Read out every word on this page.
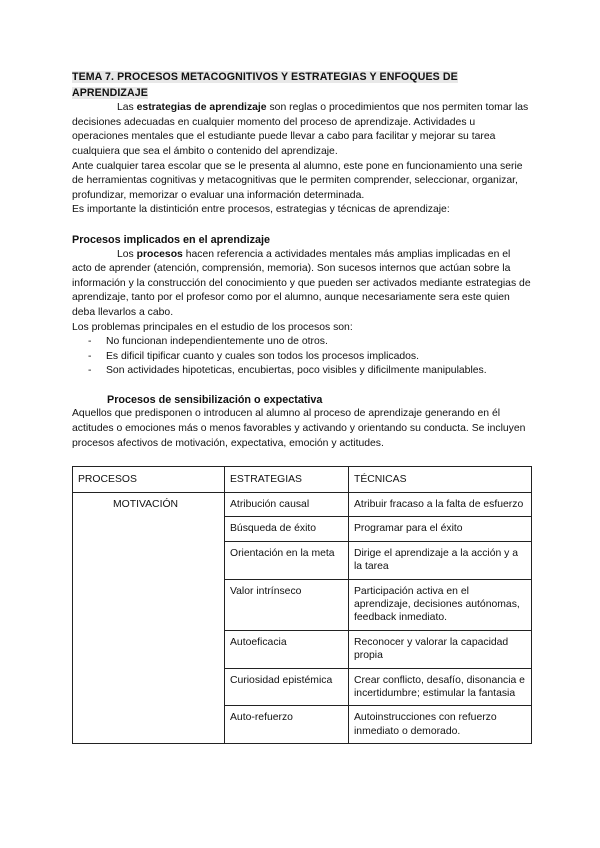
TEMA 7. PROCESOS METACOGNITIVOS Y ESTRATEGIAS Y ENFOQUES DE APRENDIZAJE

Las estrategias de aprendizaje son reglas o procedimientos que nos permiten tomar las decisiones adecuadas en cualquier momento del proceso de aprendizaje. Actividades u operaciones mentales que el estudiante puede llevar a cabo para facilitar y mejorar su tarea cualquiera que sea el ámbito o contenido del aprendizaje.

Ante cualquier tarea escolar que se le presenta al alumno, este pone en funcionamiento una serie de herramientas cognitivas y metacognitivas que le permiten comprender, seleccionar, organizar, profundizar, memorizar o evaluar una información determinada.

Es importante la distintición entre procesos, estrategias y técnicas de aprendizaje:

Procesos implicados en el aprendizaje

Los procesos hacen referencia a actividades mentales más amplias implicadas en el acto de aprender (atención, comprensión, memoria). Son sucesos internos que actúan sobre la información y la construcción del conocimiento y que pueden ser activados mediante estrategias de aprendizaje, tanto por el profesor como por el alumno, aunque necesariamente sera este quien deba llevarlos a cabo.

Los problemas principales en el estudio de los procesos son:

- No funcionan independientemente uno de otros.
- Es dificil tipificar cuanto y cuales son todos los procesos implicados.
- Son actividades hipoteticas, encubiertas, poco visibles y dificilmente manipulables.
Procesos de sensibilización o expectativa

Aquellos que predisponen o introducen al alumno al proceso de aprendizaje generando en él actitudes o emociones más o menos favorables y activando y orientando su conducta. Se incluyen procesos afectivos de motivación, expectativa, emoción y actitudes.

PROCESOS	ESTRATEGIAS	TÉCNICAS
MOTIVACIÓN	Atribución causal	Atribuir fracaso a la falta de esfuerzo
	Búsqueda de éxito	Programar para el éxito
	Orientación en la meta	Dirige el aprendizaje a la acción y a la tarea
	Valor intrínseco	Participación activa en el aprendizaje, decisiones autónomas, feedback inmediato.
	Autoeficacia	Reconocer y valorar la capacidad propia
	Curiosidad epistémica	Crear conflicto, desafío, disonancia e incertidumbre; estimular la fantasia
	Auto-refuerzo	Autoinstrucciones con refuerzo inmediato o demorado.
